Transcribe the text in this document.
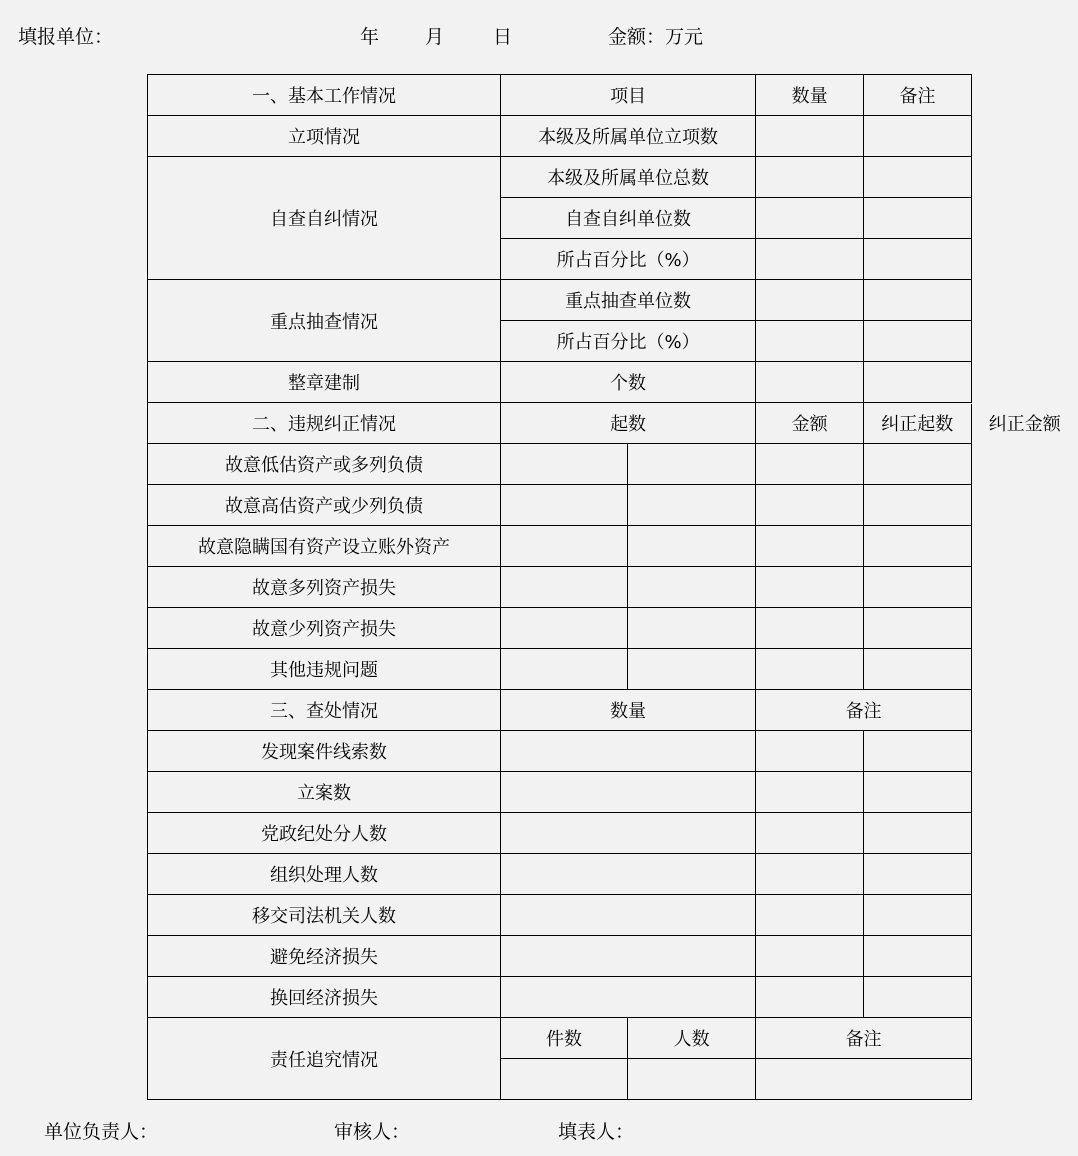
填报单位：	年 月	日	金额：万元
一、基本工作情况	项目	数量	备注
立项情况	本级及所属单位立项数		
自查自纠情况	本级及所属单位总数		
自查自纠单位数		
所占百分比（%）		
重点抽查情况	重点抽查单位数		
所占百分比（%）		
整章建制	个数		
二、违规纠正情况	起数	金额		纠正起数	纠正金额
故意低估资产或多列负债				
故意高估资产或少列负债				
故意隐瞒国有资产设立账外资产				
故意多列资产损失				
故意少列资产损失				
其他违规问题				
三、查处情况	数量		备注	
发现案件线索数				
立案数				
党政纪处分人数				
组织处理人数				
移交司法机关人数				
避免经济损失				
换回经济损失				
责任追究情况	件数	人数	备注	

单位负责人：	审核人：	填表人：
